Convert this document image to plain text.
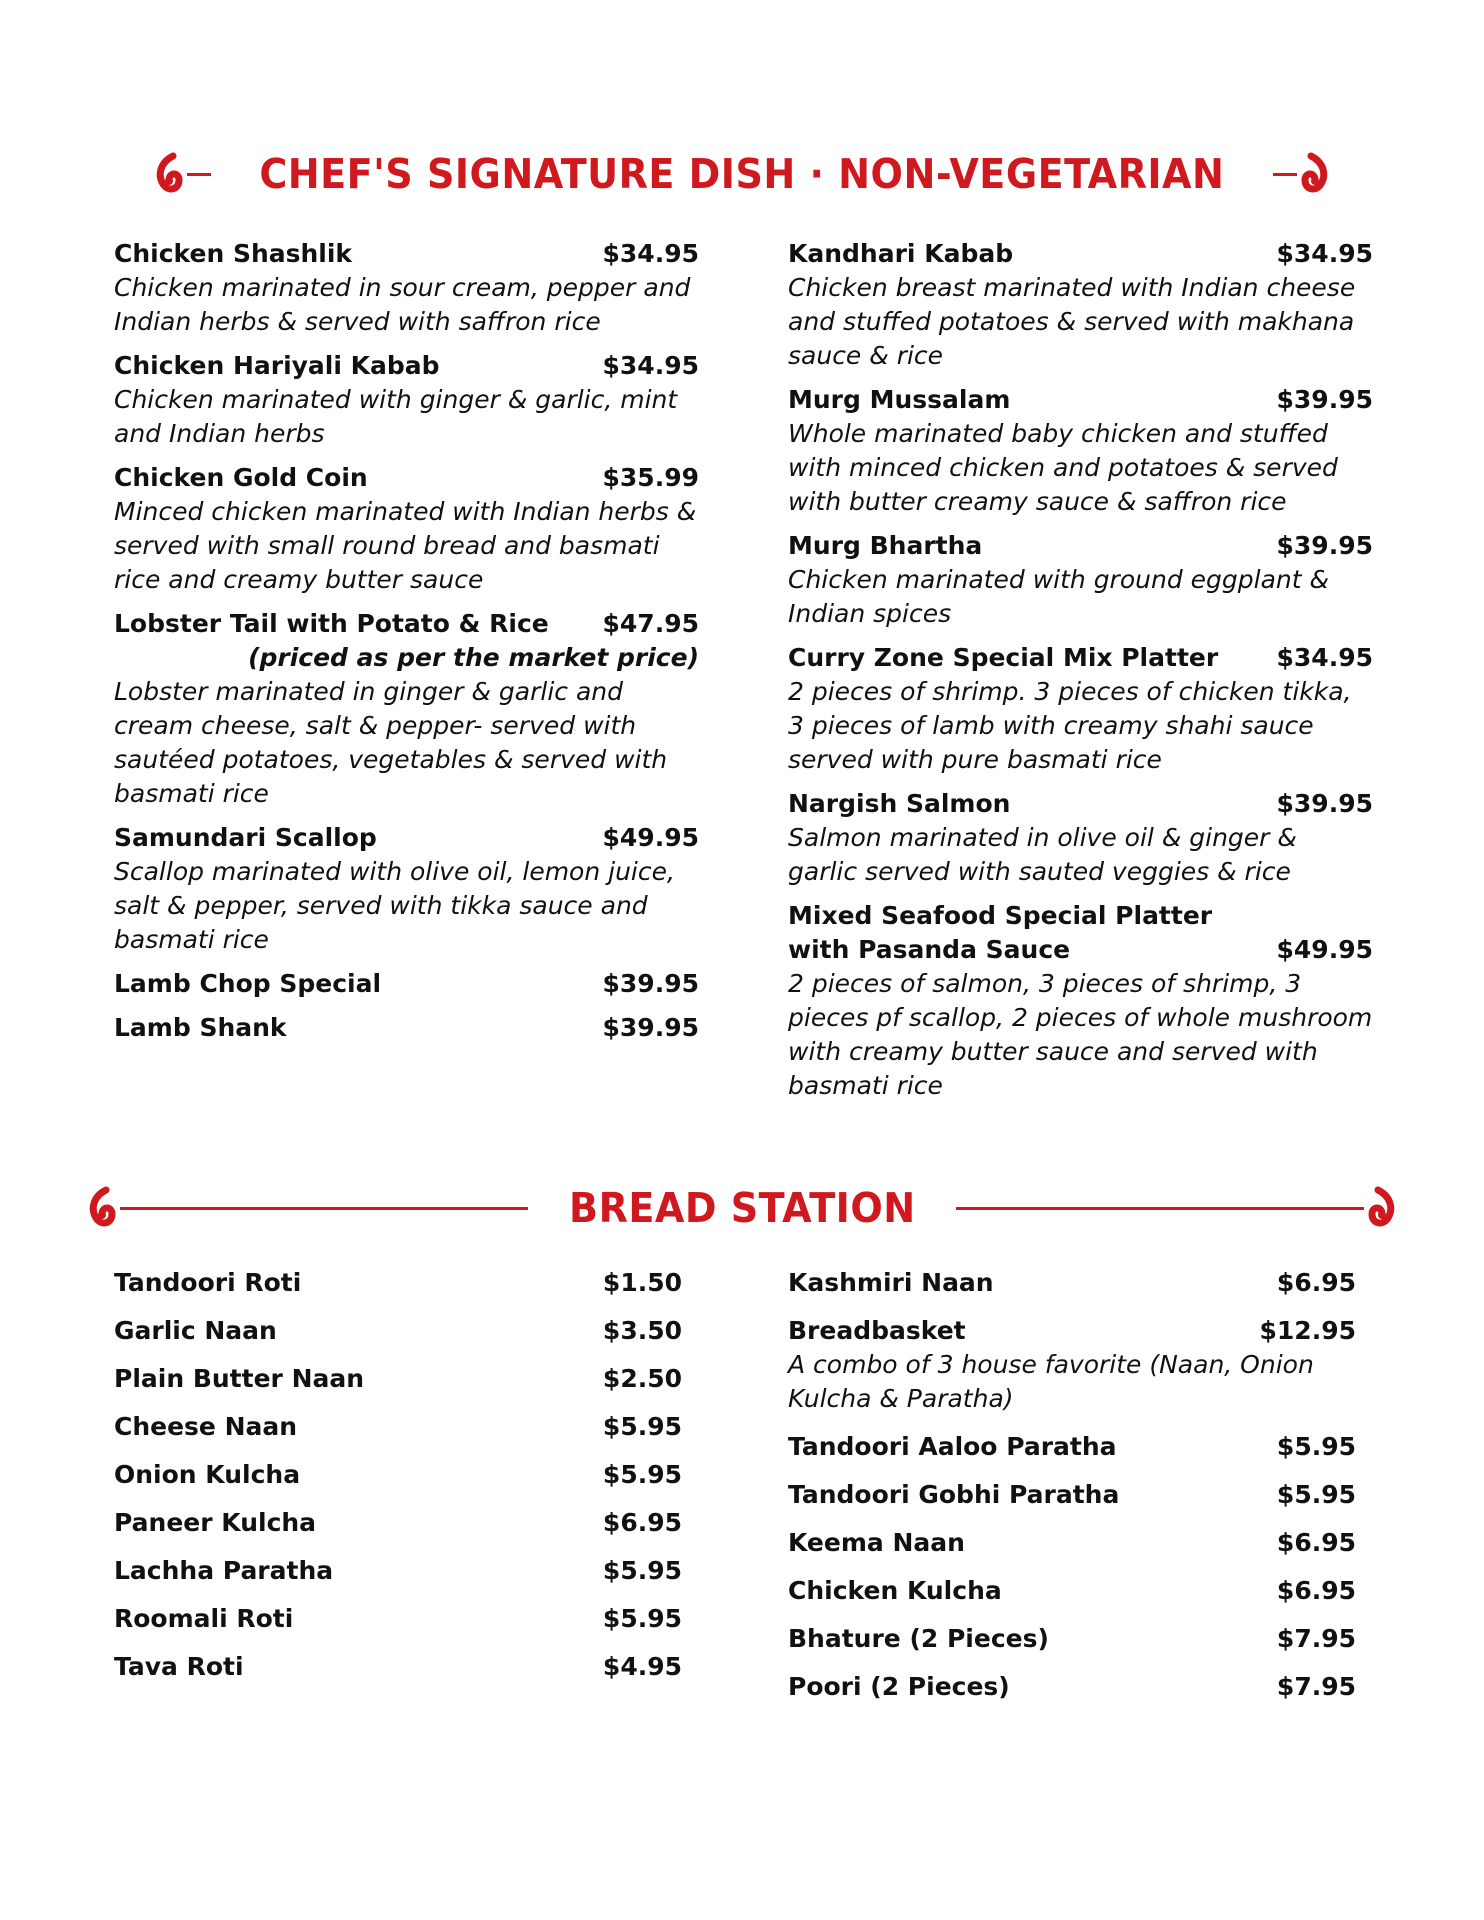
CHEF'S SIGNATURE DISH · NON-VEGETARIAN
Chicken Shashlik	$34.95
Chicken marinated in sour cream, pepper and Indian herbs & served with saffron rice
Chicken Hariyali Kabab	$34.95
Chicken marinated with ginger & garlic, mint and Indian herbs
Chicken Gold Coin	$35.99
Minced chicken marinated with Indian herbs & served with small round bread and basmati rice and creamy butter sauce
Lobster Tail with Potato & Rice $47.95
(priced as per the market price)
Lobster marinated in ginger & garlic and cream cheese, salt & pepper- served with sautéed potatoes, vegetables & served with basmati rice
Samundari Scallop	$49.95
Scallop marinated with olive oil, lemon juice, salt & pepper, served with tikka sauce and basmati rice
Lamb Chop Special	$39.95
Lamb Shank	$39.95
Kandhari Kabab	$34.95
Chicken breast marinated with Indian cheese and stuffed potatoes & served with makhana sauce & rice
Murg Mussalam	$39.95
Whole marinated baby chicken and stuffed with minced chicken and potatoes & served with butter creamy sauce & saffron rice
Murg Bhartha	$39.95
Chicken marinated with ground eggplant & Indian spices
Curry Zone Special Mix Platter $34.95
2 pieces of shrimp. 3 pieces of chicken tikka, 3 pieces of lamb with creamy shahi sauce served with pure basmati rice
Nargish Salmon	$39.95
Salmon marinated in olive oil & ginger & garlic served with sauted veggies & rice
Mixed Seafood Special Platter
with Pasanda Sauce	$49.95
2 pieces of salmon, 3 pieces of shrimp, 3 pieces pf scallop, 2 pieces of whole mushroom with creamy butter sauce and served with basmati rice
BREAD STATION
Tandoori Roti	$1.50
Garlic Naan	$3.50
Plain Butter Naan	$2.50
Cheese Naan	$5.95
Onion Kulcha	$5.95
Paneer Kulcha	$6.95
Lachha Paratha	$5.95
Roomali Roti	$5.95
Tava Roti	$4.95
Kashmiri Naan	$6.95
Breadbasket	$12.95
A combo of 3 house favorite (Naan, Onion Kulcha & Paratha)
Tandoori Aaloo Paratha	$5.95
Tandoori Gobhi Paratha	$5.95
Keema Naan	$6.95
Chicken Kulcha	$6.95
Bhature (2 Pieces)	$7.95
Poori (2 Pieces)	$7.95
